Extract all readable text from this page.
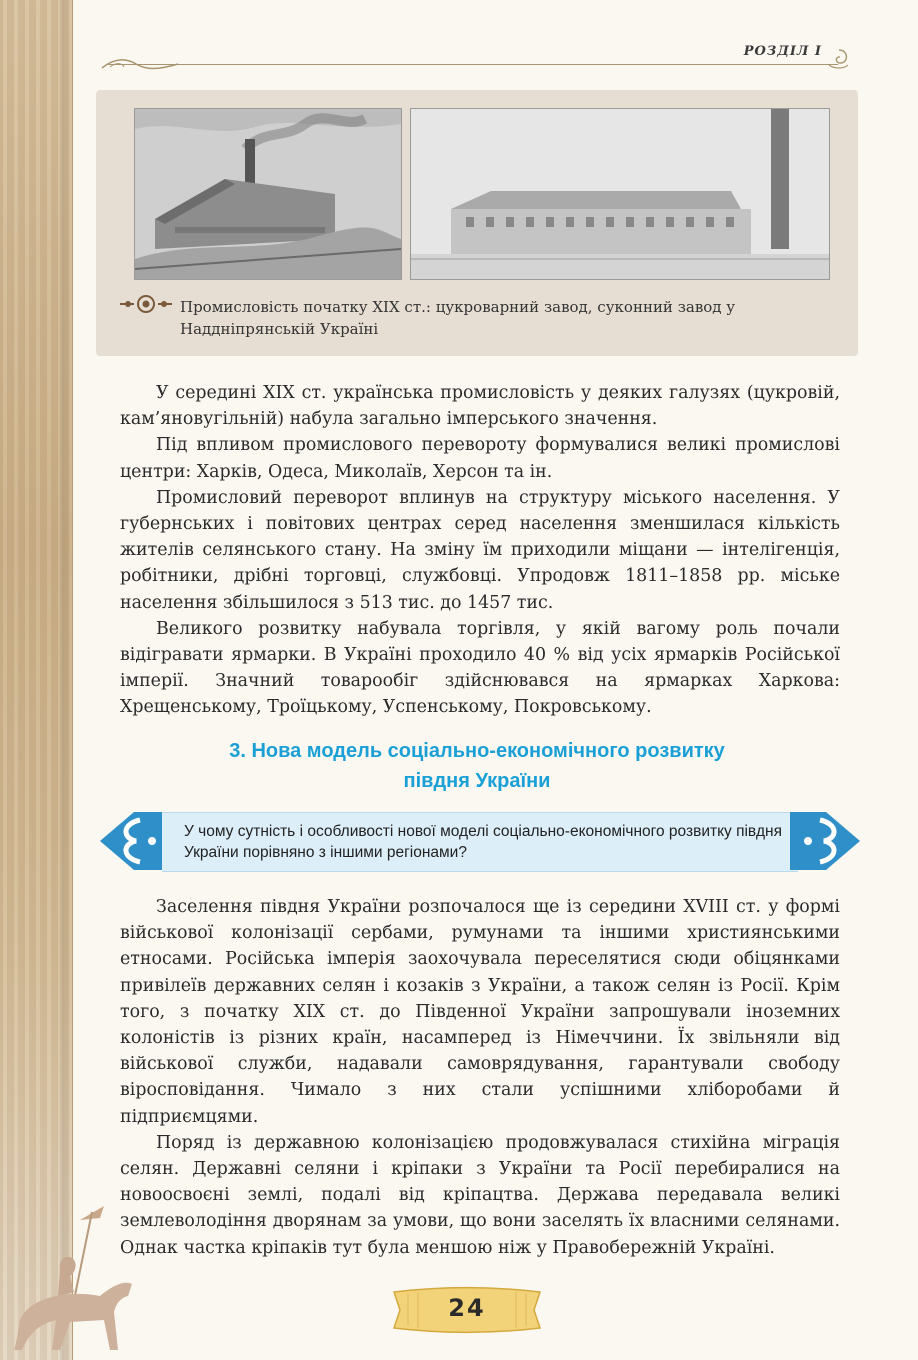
РОЗДІЛ І
Промисловість початку ХІХ ст.: цукроварний завод, суконний завод у Наддніпрянській Україні

У середині ХІХ ст. українська промисловість у деяких галузях (цукровій, кам’яновугільній) набула загально імперського значення.

Під впливом промислового перевороту формувалися великі промислові центри: Харків, Одеса, Миколаїв, Херсон та ін.

Промисловий переворот вплинув на структуру міського населення. У губернських і повітових центрах серед населення зменшилася кількість жителів селянського стану. На зміну їм приходили міщани — інтелігенція, робітники, дрібні торговці, службовці. Упродовж 1811–1858 рр. міське населення збільшилося з 513 тис. до 1457 тис.

Великого розвитку набувала торгівля, у якій вагому роль почали відігравати ярмарки. В Україні проходило 40 % від усіх ярмарків Російської імперії. Значний товарообіг здійснювався на ярмарках Харкова: Хрещенському, Троїцькому, Успенському, Покровському.

3. Нова модель соціально-економічного розвитку
півдня України
У чому сутність і особливості нової моделі соціально-економічного розвитку півдня України порівняно з іншими регіонами?

Заселення півдня України розпочалося ще із середини XVIII ст. у формі військової колонізації сербами, румунами та іншими християнськими етносами. Російська імперія заохочувала переселятися сюди обіцянками привілеїв державних селян і козаків з України, а також селян із Росії. Крім того, з початку XIX ст. до Південної України запрошували іноземних колоністів із різних країн, насамперед із Німеччини. Їх звільняли від військової служби, надавали самоврядування, гарантували свободу віросповідання. Чимало з них стали успішними хліборобами й підприємцями.

Поряд із державною колонізацією продовжувалася стихійна міграція селян. Державні селяни і кріпаки з України та Росії перебиралися на новоосвоєні землі, подалі від кріпацтва. Держава передавала великі землеволодіння дворянам за умови, що вони заселять їх власними селянами. Однак частка кріпаків тут була меншою ніж у Правобережній Україні.

24
